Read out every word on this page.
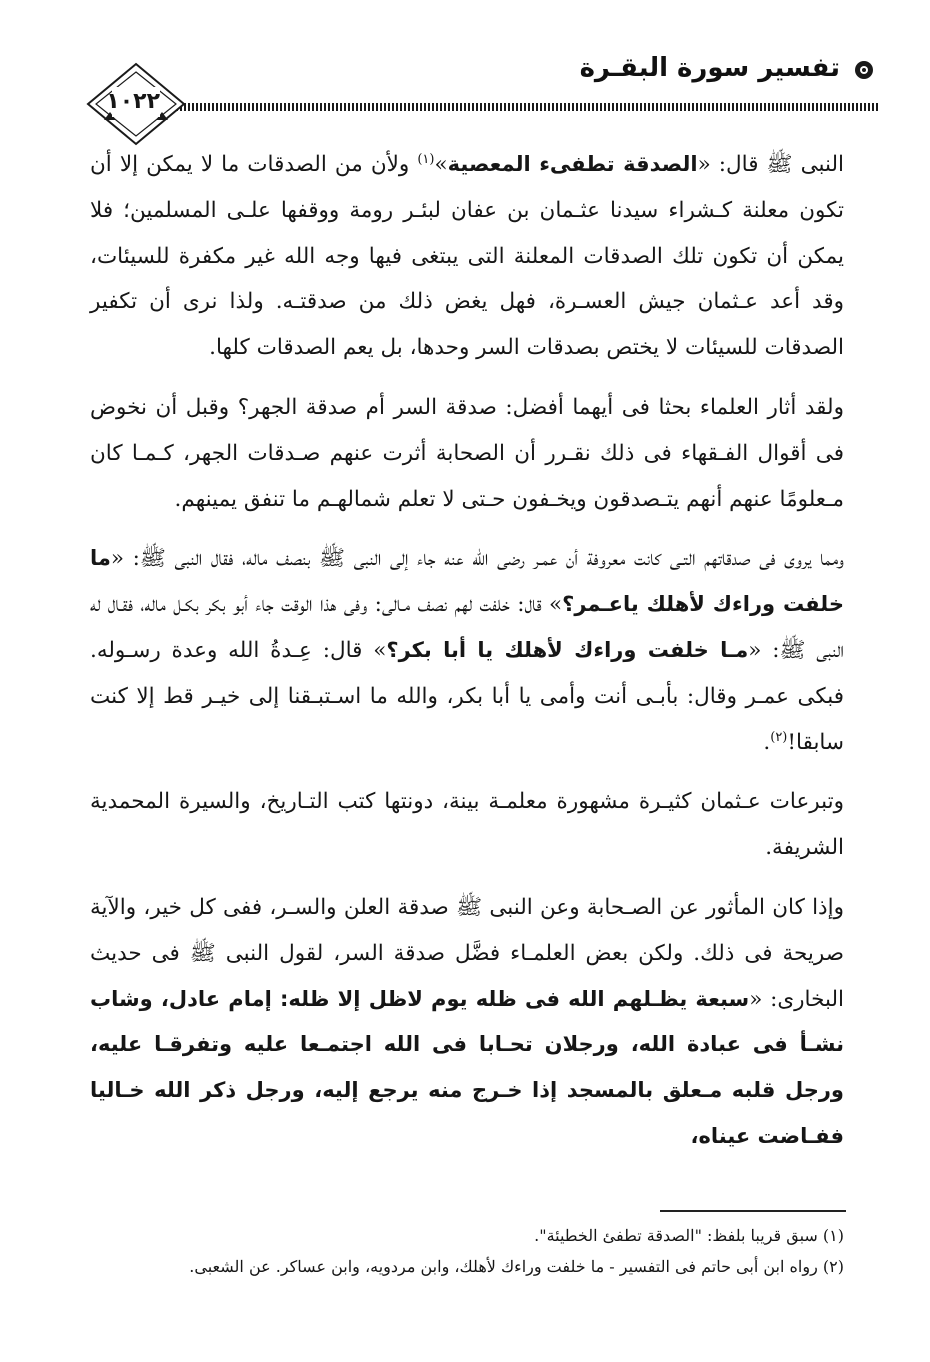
تفسير سورة البقـرة
١٠٢٢

النبى ﷺ قال: «الصدقة تطفىء المعصية»$^{(١)}$ ولأن من الصدقات ما لا يمكن إلا أن تكون معلنة كـشراء سيدنا عثـمان بن عفان لبئـر رومة ووقفها علـى المسلمين؛ فلا يمكن أن تكون تلك الصدقات المعلنة التى يبتغى فيها وجه الله غير مكفرة للسيئات، وقد أعد عـثمان جيش العسـرة، فهل يغض ذلك من صدقتـه. ولذا نرى أن تكفير الصدقات للسيئات لا يختص بصدقات السر وحدها، بل يعم الصدقات كلها.

ولقد أثار العلماء بحثا فى أيهما أفضل: صدقة السر أم صدقة الجهر؟ وقبل أن نخوض فى أقوال الفـقهاء فى ذلك نقـرر أن الصحابة أثرت عنهم صـدقات الجهر، كـمـا كان مـعلومًا عنهم أنهم يتـصدقون ويخـفون حـتى لا تعلم شمالهـم ما تنفق يمينهم.

ومما يروى فى صدقاتهم التـى كانت معروفة أن عمـر رضى الله عنه جاء إلى النبى ﷺ بنصف ماله، فقال النبى ﷺ: «ما خلفت وراءك لأهلك ياعـمر؟» قال: خلفت لهم نصف مـالى: وفى هذا الوقت جاء أبو بكر بكـل ماله، فقـال له النبى ﷺ: «مـا خلفت وراءك لأهلك يا أبا بكر؟» قال: عِـدةُ الله وعدة رسـوله. فبكى عمـر وقال: بأبـى أنت وأمى يا أبا بكر، والله ما اسـتبـقنا إلى خيـر قط إلا كنت سابقا!$^{(٢)}$.

وتبرعات عـثمان كثيـرة مشهورة معلمـة بينة، دونتها كتب التـاريخ، والسيرة المحمدية الشريفة.

وإذا كان المأثور عن الصـحابة وعن النبى ﷺ صدقة العلن والسـر، ففى كل خير، والآية صريحة فى ذلك. ولكن بعض العلمـاء فضَّل صدقة السر، لقول النبى ﷺ فى حديث البخارى: «سبعة يظـلهم الله فى ظله يوم لاظل إلا ظله: إمام عادل، وشاب نشـأ فى عبادة الله، ورجلان تحـابا فى الله اجتمـعا عليه وتفرقـا عليه، ورجل قلبه مـعلق بالمسجد إذا خـرج منه يرجع إليه، ورجل ذكر الله خـاليا ففـاضت عيناه،

(١) سبق قريبا بلفظ: "الصدقة تطفئ الخطيئة".

(٢) رواه ابن أبى حاتم فى التفسير - ما خلفت وراءك لأهلك، وابن مردويه، وابن عساكر. عن الشعبى.
